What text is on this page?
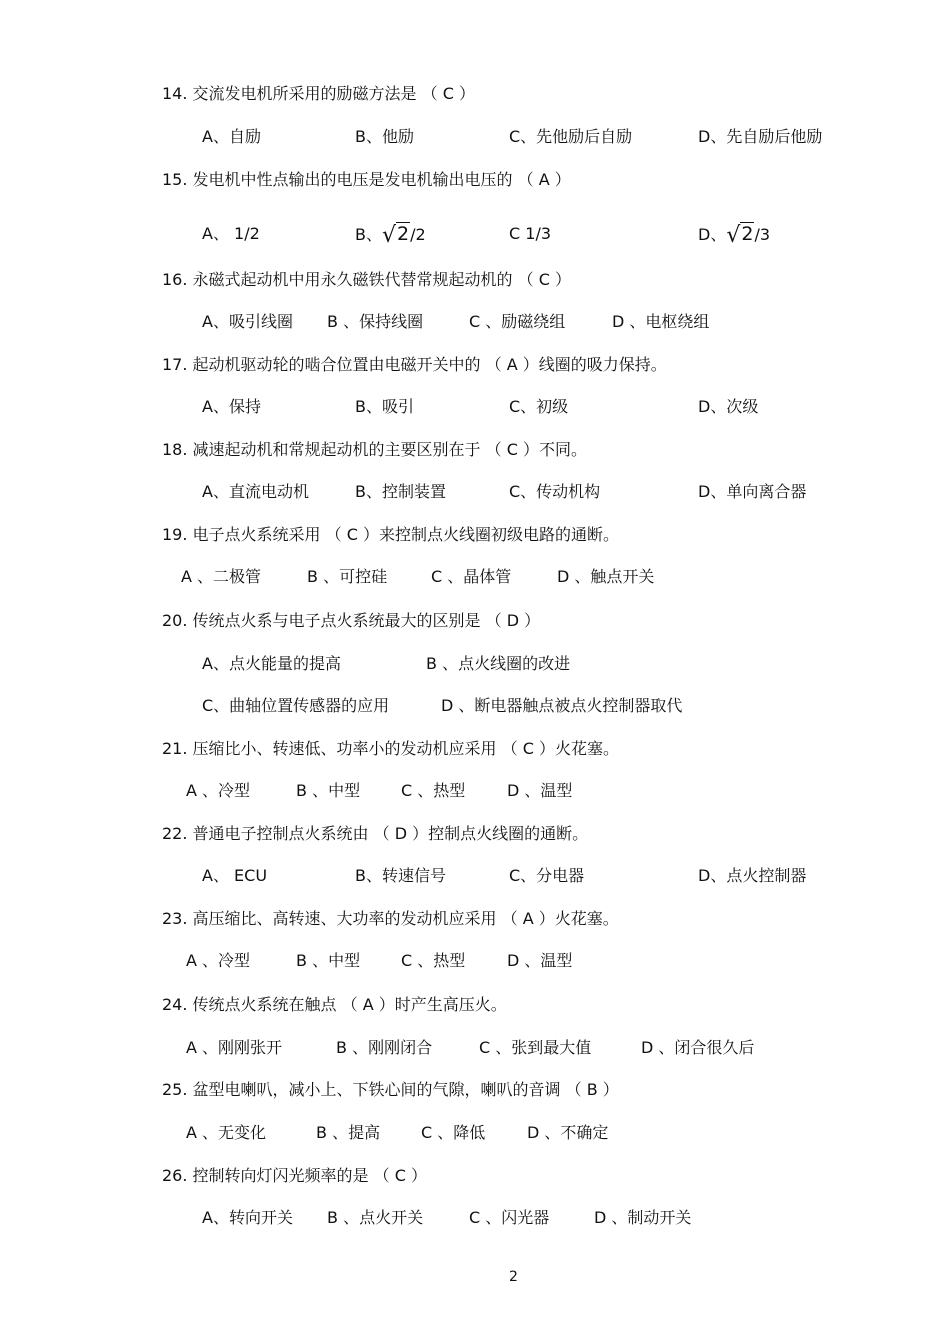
14. 交流发电机所采用的励磁方法是 （ C ）
A、自励	B、他励	C、先他励后自励	D、先自励后他励
15. 发电机中性点输出的电压是发电机输出电压的 （ A ）
A、 1/2	B、√2/2	C 1/3	D、√2/3
16. 永磁式起动机中用永久磁铁代替常规起动机的 （ C ）
A、吸引线圈 B 、保持线圈	C 、励磁绕组	D 、电枢绕组
17. 起动机驱动轮的啮合位置由电磁开关中的 （ A ）线圈的吸力保持。
A、保持	B、吸引	C、初级	D、次级
18. 减速起动机和常规起动机的主要区别在于 （ C ）不同。
A、直流电动机	B、控制装置	C、传动机构	D、单向离合器
19. 电子点火系统采用 （ C ）来控制点火线圈初级电路的通断。
A 、二极管	B 、可控硅	C 、晶体管	D 、触点开关
20. 传统点火系与电子点火系统最大的区别是 （ D ）
A、点火能量的提高	B 、点火线圈的改进
C、曲轴位置传感器的应用	D 、断电器触点被点火控制器取代
21. 压缩比小、转速低、功率小的发动机应采用 （ C ）火花塞。
A 、冷型	B 、中型	C 、热型	D 、温型
22. 普通电子控制点火系统由 （ D ）控制点火线圈的通断。
A、 ECU	B、转速信号	C、分电器	D、点火控制器
23. 高压缩比、高转速、大功率的发动机应采用 （ A ）火花塞。
A 、冷型	B 、中型	C 、热型	D 、温型
24. 传统点火系统在触点 （ A ）时产生高压火。
A 、刚刚张开	B 、刚刚闭合	C 、张到最大值	D 、闭合很久后
25. 盆型电喇叭，减小上、下铁心间的气隙，喇叭的音调 （ B ）
A 、无变化	B 、提高	C 、降低	D 、不确定
26. 控制转向灯闪光频率的是 （ C ）
A、转向开关 B 、点火开关	C 、闪光器	D 、制动开关
2
